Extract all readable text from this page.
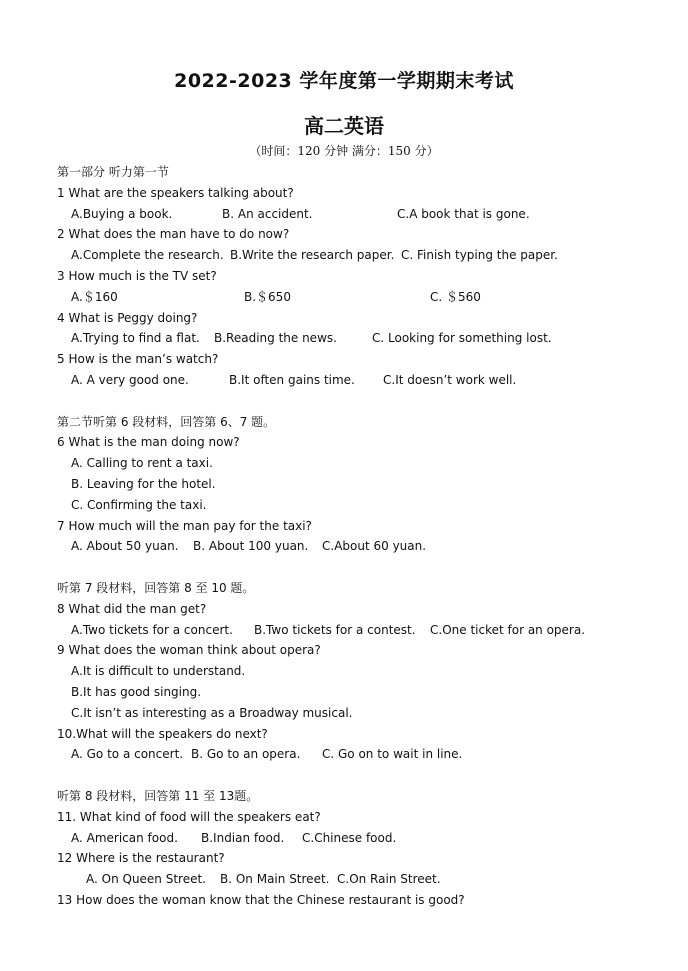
2022-2023 学年度第一学期期末考试
高二英语
（时间：120 分钟 满分：150 分）
第一部分 听力第一节
1 What are the speakers talking about?
A.Buying a book.	B. An accident.	C.A book that is gone.
2 What does the man have to do now?
A.Complete the research. B.Write the research paper. C. Finish typing the paper.
3 How much is the TV set?
A.＄160	B.＄650	C. ＄560
4 What is Peggy doing?
A.Trying to find a flat. B.Reading the news.	C. Looking for something lost.
5 How is the man’s watch?
A. A very good one.	B.It often gains time. C.It doesn’t work well.
第二节听第 6 段材料，回答第 6、7 题。
6 What is the man doing now?
A. Calling to rent a taxi.
B. Leaving for the hotel.
C. Confirming the taxi.
7 How much will the man pay for the taxi?
A. About 50 yuan. B. About 100 yuan. C.About 60 yuan.
听第 7 段材料，回答第 8 至 10 题。
8 What did the man get?
A.Two tickets for a concert. B.Two tickets for a contest. C.One ticket for an opera.
9 What does the woman think about opera?
A.It is difficult to understand.
B.It has good singing.
C.It isn’t as interesting as a Broadway musical.
10.What will the speakers do next?
A. Go to a concert. B. Go to an opera. C. Go on to wait in line.
听第 8 段材料，回答第 11 至 13题。
11. What kind of food will the speakers eat?
A. American food. B.Indian food. C.Chinese food.
12 Where is the restaurant?
A. On Queen Street. B. On Main Street. C.On Rain Street.
13 How does the woman know that the Chinese restaurant is good?
